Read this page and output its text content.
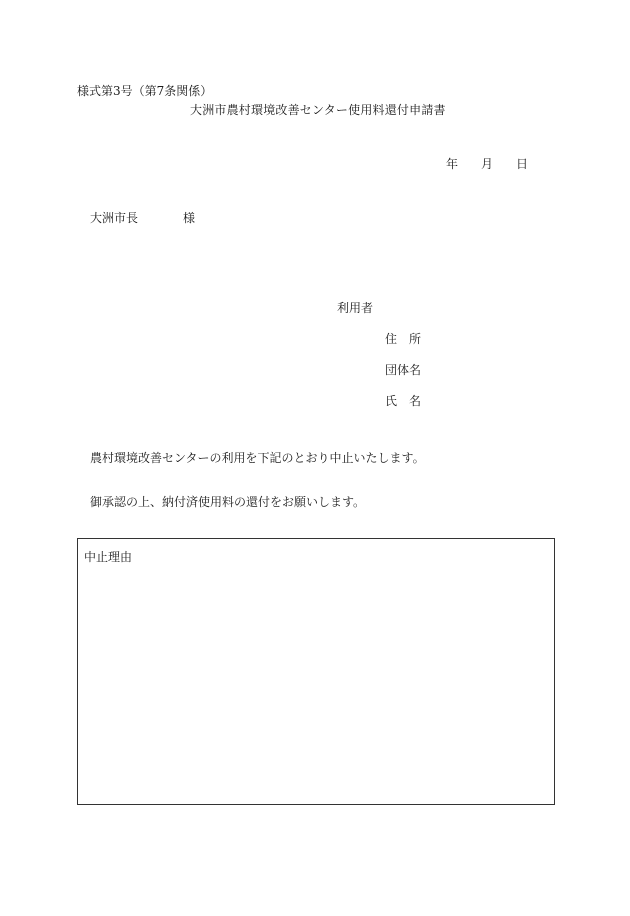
様式第3号（第7条関係）
大洲市農村環境改善センター使用料還付申請書
年 月 日
大洲市長	様
利用者
住所
団体名
氏名
農村環境改善センターの利用を下記のとおり中止いたします。
御承認の上、納付済使用料の還付をお願いします。
中止理由
